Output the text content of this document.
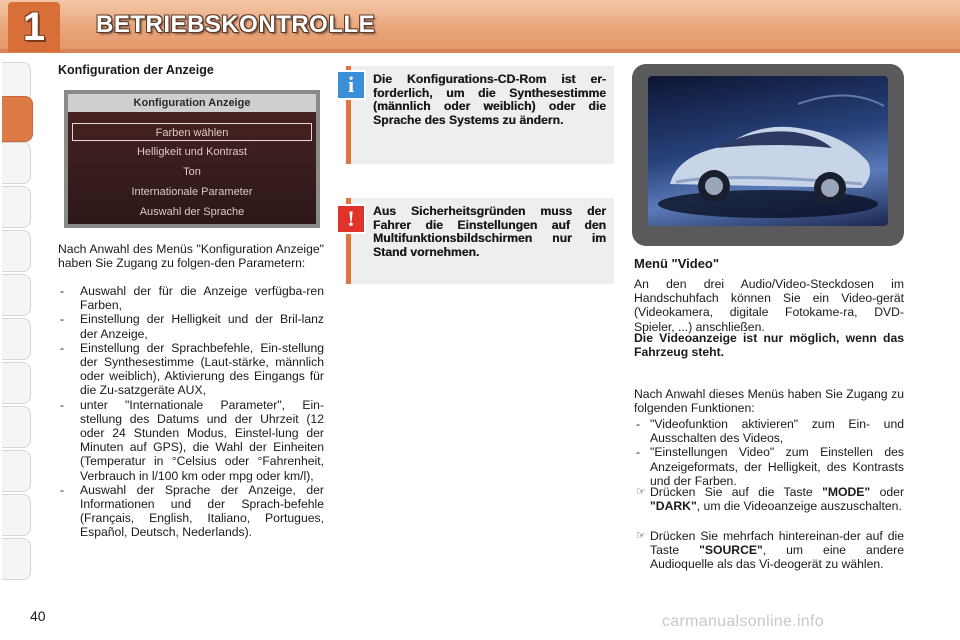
1	BETRIEBSKONTROLLE
Konfiguration der Anzeige
Konfiguration Anzeige
Farben wählen
Helligkeit und Kontrast
Ton
Internationale Parameter
Auswahl der Sprache

Nach Anwahl des Menüs "Konfiguration Anzeige" haben Sie Zugang zu folgen-den Parametern:

- Auswahl der für die Anzeige verfügba-ren Farben,
- Einstellung der Helligkeit und der Bril-lanz der Anzeige,
- Einstellung der Sprachbefehle, Ein-stellung der Synthesestimme (Laut-stärke, männlich oder weiblich), Aktivierung des Eingangs für die Zu-satzgeräte AUX,
- unter "Internationale Parameter", Ein-stellung des Datums und der Uhrzeit (12 oder 24 Stunden Modus, Einstel-lung der Minuten auf GPS), die Wahl der Einheiten (Temperatur in °Celsius oder °Fahrenheit, Verbrauch in l/100 km oder mpg oder km/l),
- Auswahl der Sprache der Anzeige, der Informationen und der Sprach-befehle (Français, English, Italiano, Portugues, Español, Deutsch, Nederlands).

Die Konfigurations-CD-Rom ist er-forderlich, um die Synthesestimme (männlich oder weiblich) oder die Sprache des Systems zu ändern.

i

Aus Sicherheitsgründen muss der Fahrer die Einstellungen auf den Multifunktionsbildschirmen nur im Stand vornehmen.

!
Menü "Video"

An den drei Audio/Video-Steckdosen im Handschuhfach können Sie ein Video-gerät (Videokamera, digitale Fotokame-ra, DVD-Spieler, ...) anschließen.

Die Videoanzeige ist nur möglich, wenn das Fahrzeug steht.

Nach Anwahl dieses Menüs haben Sie Zugang zu folgenden Funktionen:

- "Videofunktion aktivieren" zum Ein- und Ausschalten des Videos,
- "Einstellungen Video" zum Einstellen des Anzeigeformats, der Helligkeit, des Kontrasts und der Farben.

☞ Drücken Sie auf die Taste "MODE" oder "DARK", um die Videoanzeige auszuschalten.

☞ Drücken Sie mehrfach hintereinan-der auf die Taste "SOURCE", um eine andere Audioquelle als das Vi-deogerät zu wählen.

40	carmanualsonline.info
